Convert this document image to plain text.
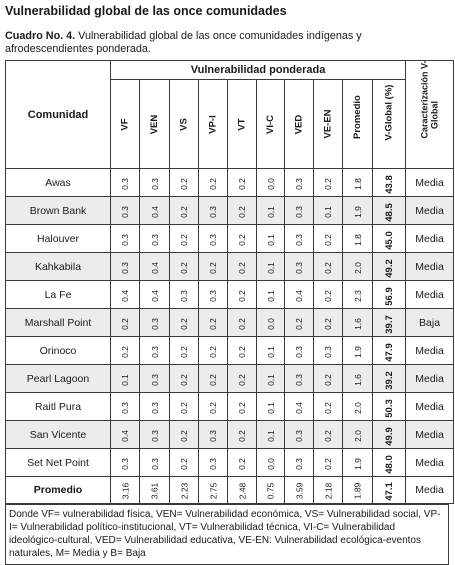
Vulnerabilidad global de las once comunidades
Cuadro No. 4. Vulnerabilidad global de las once comunidades indígenas y afrodescendientes ponderada.
Comunidad	Vulnerabilidad ponderada										Caracterización V-
Global

	VF	VEN	VS	VP-I	VT	VI-C	VED	VE-EN	Promedio	V-Global (%)	

Awas	0.3	0.3	0.2	0.2	0.2	0.0	0.3	0.2	1.8	43.8	Media
Brown Bank	0.3	0.4	0.2	0.3	0.2	0.1	0.3	0.1	1.9	48.5	Media
Halouver	0.3	0.3	0.2	0.3	0.2	0.1	0.3	0.2	1.8	45.0	Media
Kahkabila	0.3	0.4	0.2	0.2	0.2	0.1	0.3	0.2	2.0	49.2	Media
La Fe	0.4	0.4	0.3	0.3	0.2	0.1	0.4	0.2	2.3	56.9	Media
Marshall Point	0.2	0.3	0.2	0.2	0.2	0.0	0.2	0.2	1.6	39.7	Baja
Orinoco	0.2	0.3	0.2	0.2	0.2	0.1	0.3	0.3	1.9	47.9	Media
Pearl Lagoon	0.1	0.3	0.2	0.2	0.2	0.1	0.3	0.2	1.6	39.2	Media
Raitl Pura	0.3	0.3	0.2	0.2	0.2	0.1	0.4	0.2	2.0	50.3	Media
San Vicente	0.4	0.3	0.2	0.3	0.2	0.1	0.3	0.2	2.0	49.9	Media
Set Net Point	0.3	0.3	0.2	0.3	0.2	0.0	0.3	0.2	1.9	48.0	Media
Promedio	3.16	3.61	2.23	2.75	2.48	0.75	3.59	2.18	1.89	47.1	Media
Donde VF= vulnerabilidad física, VEN= Vulnerabilidad económica, VS= Vulnerabilidad social, VP-I= Vulnerabilidad político-institucional, VT= Vulnerabilidad técnica, VI-C= Vulnerabilidad ideológico-cultural, VED= Vulnerabilidad educativa, VE-EN: Vulnerabilidad ecológica-eventos naturales, M= Media y B= Baja
